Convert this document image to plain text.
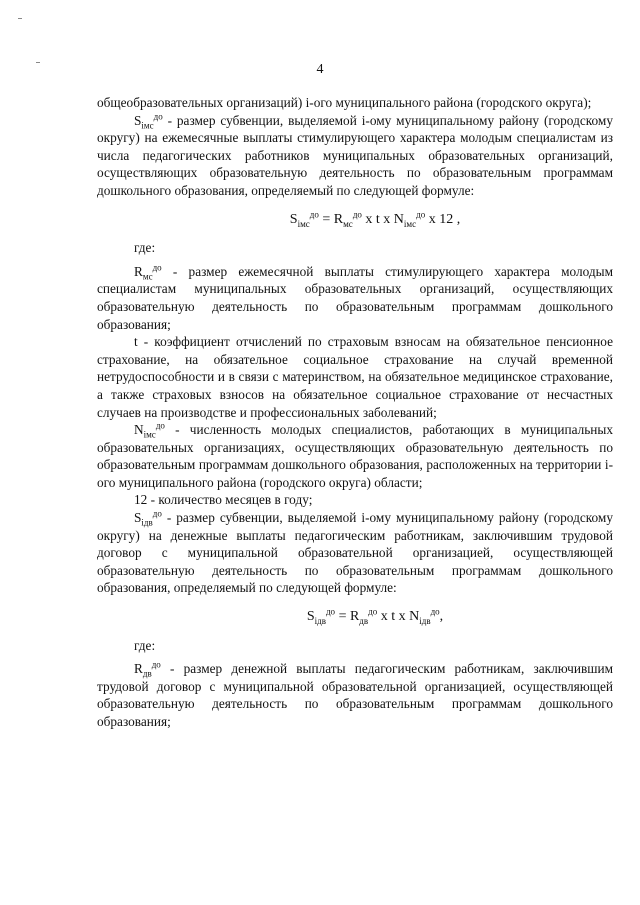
4

общеобразовательных организаций) i-ого муниципального района (городского округа);

$S_{iмс}^{до}$ - размер субвенции, выделяемой i-ому муниципальному району (городскому округу) на ежемесячные выплаты стимулирующего характера молодым специалистам из числа педагогических работников муниципальных образовательных организаций, осуществляющих образовательную деятельность по образовательным программам дошкольного образования, определяемый по следующей формуле:

$S_{iмс}^{до} = R_{мс}^{до}$ x t x $N_{iмс}^{до}$ x 12 ,

где:

$R_{мс}^{до}$ - размер ежемесячной выплаты стимулирующего характера молодым специалистам муниципальных образовательных организаций, осуществляющих образовательную деятельность по образовательным программам дошкольного образования;

t - коэффициент отчислений по страховым взносам на обязательное пенсионное страхование, на обязательное социальное страхование на случай временной нетрудоспособности и в связи с материнством, на обязательное медицинское страхование, а также страховых взносов на обязательное социальное страхование от несчастных случаев на производстве и профессиональных заболеваний;

$N_{iмс}^{до}$ - численность молодых специалистов, работающих в муниципальных образовательных организациях, осуществляющих образовательную деятельность по образовательным программам дошкольного образования, расположенных на территории i-ого муниципального района (городского округа) области;

12 - количество месяцев в году;

$S_{iдв}^{до}$ - размер субвенции, выделяемой i-ому муниципальному району (городскому округу) на денежные выплаты педагогическим работникам, заключившим трудовой договор с муниципальной образовательной организацией, осуществляющей образовательную деятельность по образовательным программам дошкольного образования, определяемый по следующей формуле:

$S_{iдв}^{до} = R_{дв}^{до}$ x t x $N_{iдв}^{до}$,

где:

$R_{дв}^{до}$ - размер денежной выплаты педагогическим работникам, заключившим трудовой договор с муниципальной образовательной организацией, осуществляющей образовательную деятельность по образовательным программам дошкольного образования;
